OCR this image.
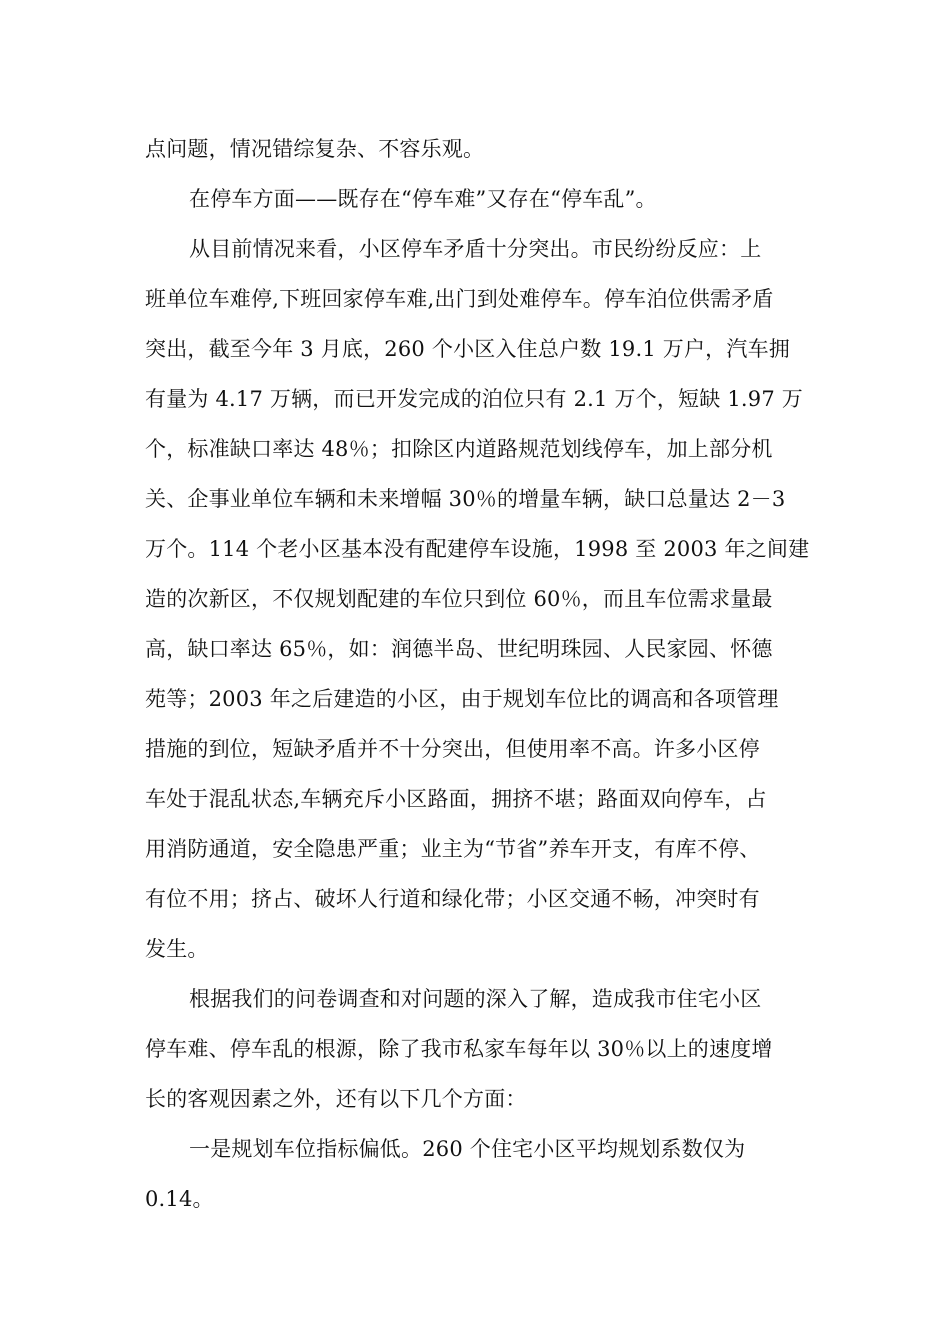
点问题，情况错综复杂、不容乐观。
在停车方面——既存在“停车难”又存在“停车乱”。
从目前情况来看，小区停车矛盾十分突出。市民纷纷反应：上
班单位车难停,下班回家停车难,出门到处难停车。停车泊位供需矛盾
突出，截至今年 3 月底，260 个小区入住总户数 19.1 万户，汽车拥
有量为 4.17 万辆，而已开发完成的泊位只有 2.1 万个，短缺 1.97 万
个，标准缺口率达 48％；扣除区内道路规范划线停车，加上部分机
关、企事业单位车辆和未来增幅 30％的增量车辆，缺口总量达 2－3
万个。114 个老小区基本没有配建停车设施，1998 至 2003 年之间建
造的次新区，不仅规划配建的车位只到位 60％，而且车位需求量最
高，缺口率达 65％，如：润德半岛、世纪明珠园、人民家园、怀德
苑等；2003 年之后建造的小区，由于规划车位比的调高和各项管理
措施的到位，短缺矛盾并不十分突出，但使用率不高。许多小区停
车处于混乱状态,车辆充斥小区路面，拥挤不堪；路面双向停车，占
用消防通道，安全隐患严重；业主为“节省”养车开支，有库不停、
有位不用；挤占、破坏人行道和绿化带；小区交通不畅，冲突时有
发生。
根据我们的问卷调查和对问题的深入了解，造成我市住宅小区
停车难、停车乱的根源，除了我市私家车每年以 30％以上的速度增
长的客观因素之外，还有以下几个方面：
一是规划车位指标偏低。260 个住宅小区平均规划系数仅为
0.14。
